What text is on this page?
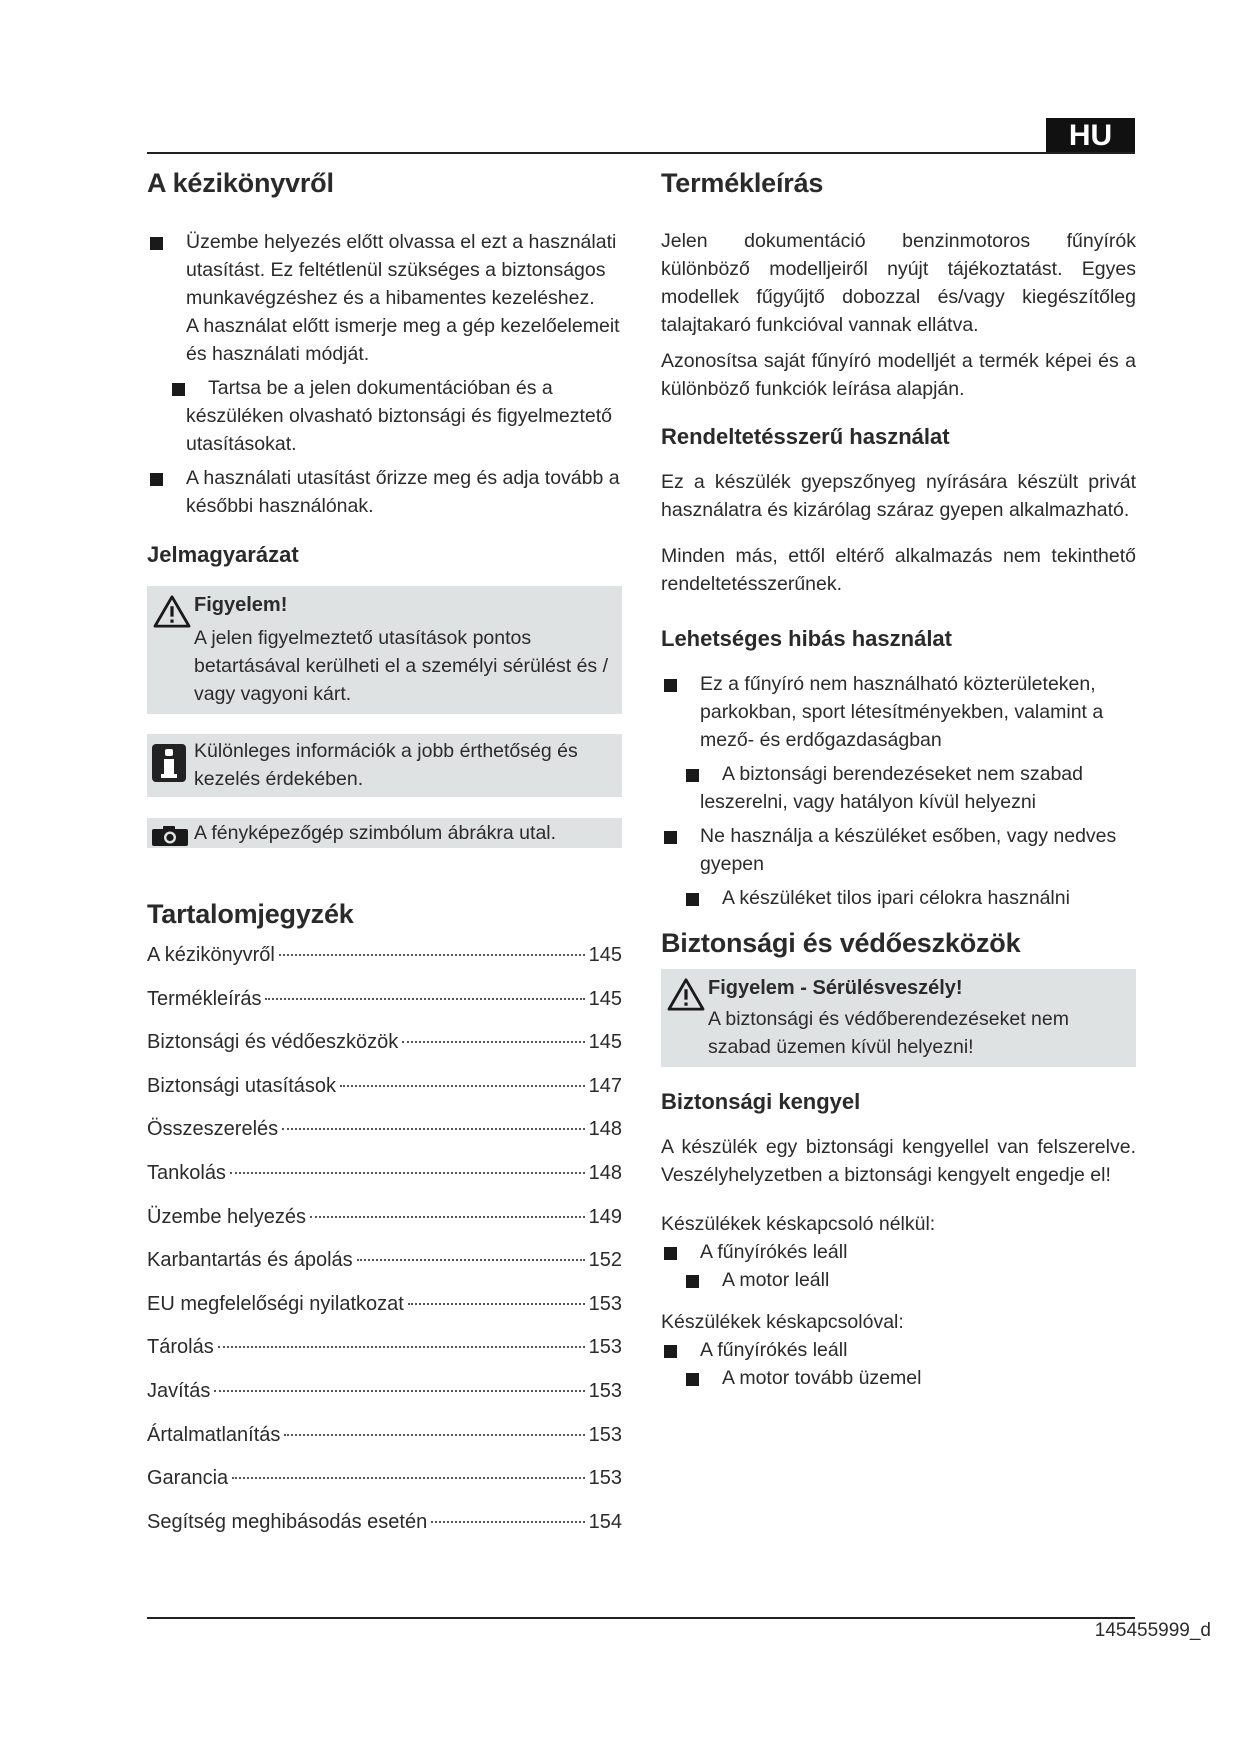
HU
A kézikönyvről
Üzembe helyezés előtt olvassa el ezt a használati utasítást. Ez feltétlenül szükséges a biztonságos munkavégzéshez és a hibamentes kezeléshez.
A használat előtt ismerje meg a gép kezelőelemeit és használati módját.
Tartsa be a jelen dokumentációban és a készüléken olvasható biztonsági és figyelmeztető utasításokat.
A használati utasítást őrizze meg és adja tovább a későbbi használónak.
Jelmagyarázat
Figyelem!

A jelen figyelmeztető utasítások pontos betartásával kerülheti el a személyi sérülést és / vagy vagyoni kárt.

Különleges információk a jobb érthetőség és kezelés érdekében.

A fényképezőgép szimbólum ábrákra utal.

Tartalomjegyzék
A kézikönyvről	145
Termékleírás	145
Biztonsági és védőeszközök	145
Biztonsági utasítások	147
Összeszerelés	148
Tankolás	148
Üzembe helyezés	149
Karbantartás és ápolás	152
EU megfelelőségi nyilatkozat	153
Tárolás	153
Javítás	153
Ártalmatlanítás	153
Garancia	153
Segítség meghibásodás esetén	154
Termékleírás

Jelen dokumentáció benzinmotoros fűnyírók különböző modelljeiről nyújt tájékoztatást. Egyes modellek fűgyűjtő dobozzal és/vagy kiegészítőleg talajtakaró funkcióval vannak ellátva.

Azonosítsa saját fűnyíró modelljét a termék képei és a különböző funkciók leírása alapján.

Rendeltetésszerű használat

Ez a készülék gyepszőnyeg nyírására készült privát használatra és kizárólag száraz gyepen alkalmazható.

Minden más, ettől eltérő alkalmazás nem tekinthető rendeltetésszerűnek.

Lehetséges hibás használat
Ez a fűnyíró nem használható közterületeken, parkokban, sport létesítményekben, valamint a mező- és erdőgazdaságban
A biztonsági berendezéseket nem szabad leszerelni, vagy hatályon kívül helyezni
Ne használja a készüléket esőben, vagy nedves gyepen
A készüléket tilos ipari célokra használni
Biztonsági és védőeszközök
Figyelem - Sérülésveszély!

A biztonsági és védőberendezéseket nem szabad üzemen kívül helyezni!

Biztonsági kengyel

A készülék egy biztonsági kengyellel van felszerelve. Veszélyhelyzetben a biztonsági kengyelt engedje el!

Készülékek késkapcsoló nélkül:

A fűnyírókés leáll
A motor leáll

Készülékek késkapcsolóval:

A fűnyírókés leáll
A motor tovább üzemel
145455999_d
